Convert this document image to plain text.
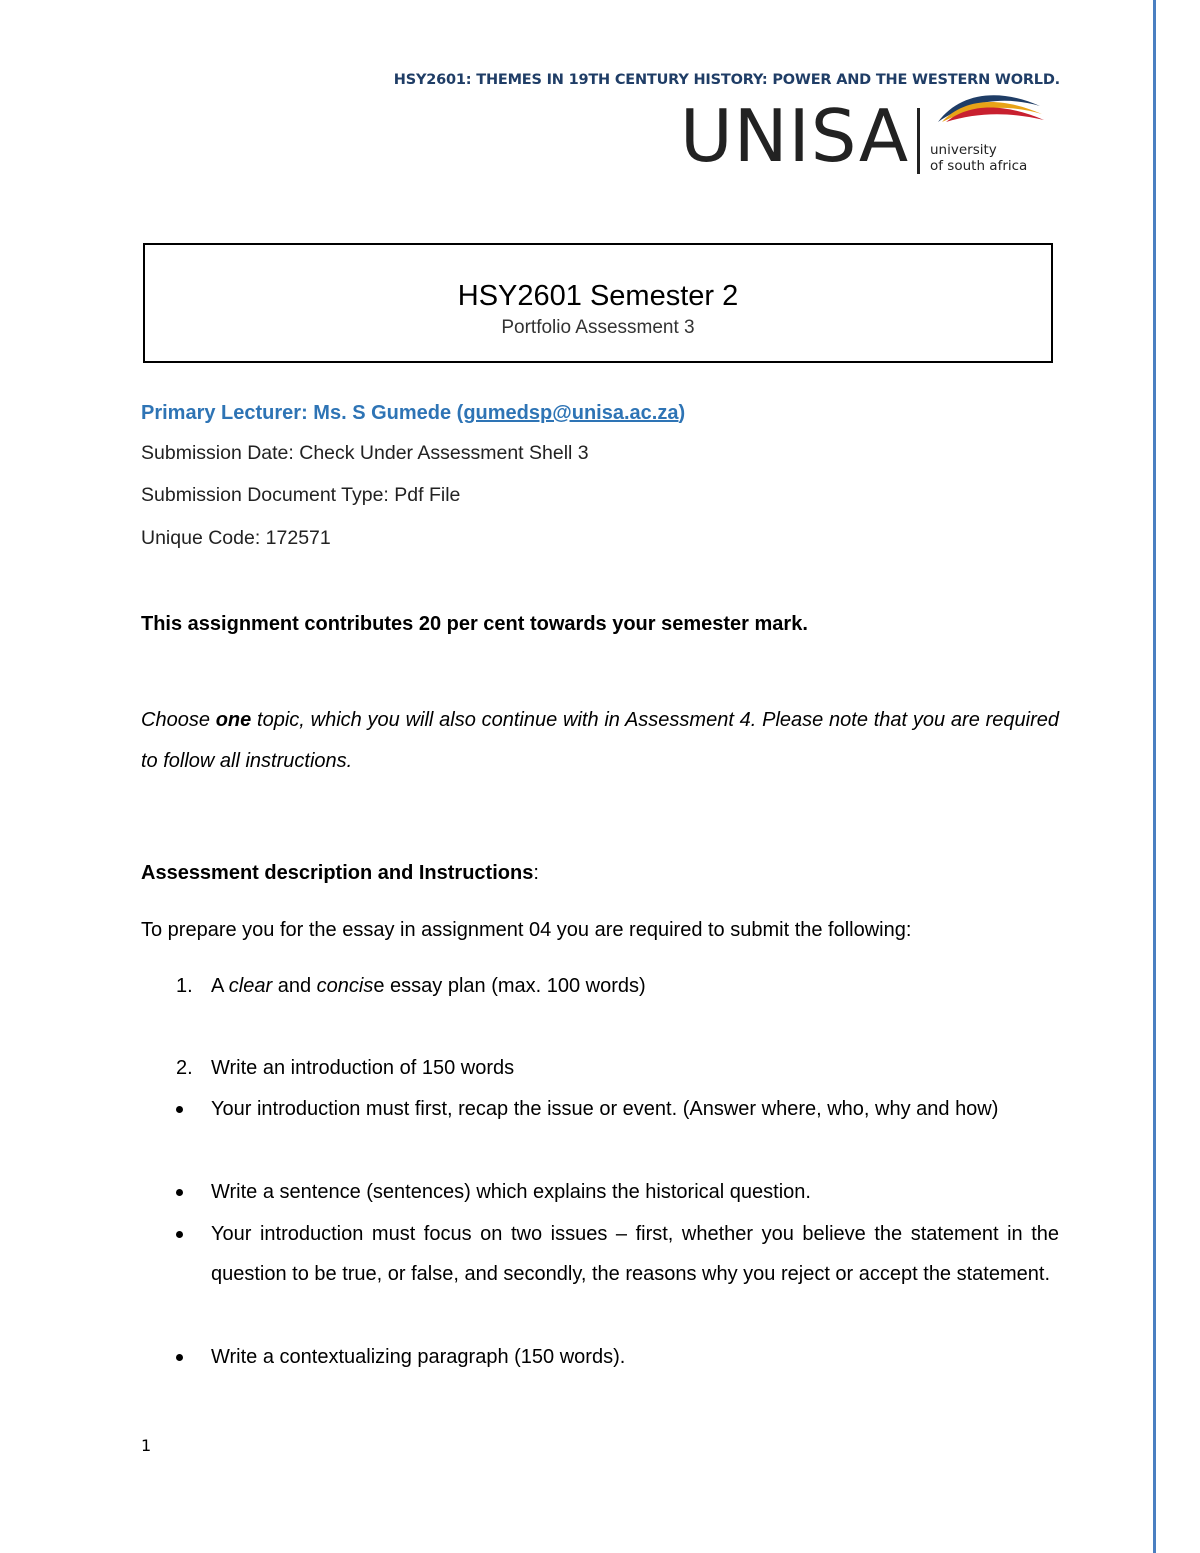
HSY2601: THEMES IN 19TH CENTURY HISTORY: POWER AND THE WESTERN WORLD.
UNISA university
of south africa
HSY2601 Semester 2
Portfolio Assessment 3
Primary Lecturer: Ms. S Gumede (gumedsp@unisa.ac.za)
Submission Date: Check Under Assessment Shell 3
Submission Document Type: Pdf File
Unique Code: 172571
This assignment contributes 20 per cent towards your semester mark.
Choose one topic, which you will also continue with in Assessment 4. Please note that you are required to follow all instructions.
Assessment description and Instructions:
To prepare you for the essay in assignment 04 you are required to submit the following:
1. A clear and concise essay plan (max. 100 words)
2. Write an introduction of 150 words
Your introduction must first, recap the issue or event. (Answer where, who, why and how)
Write a sentence (sentences) which explains the historical question.
Your introduction must focus on two issues – first, whether you believe the statement in the question to be true, or false, and secondly, the reasons why you reject or accept the statement.
Write a contextualizing paragraph (150 words).
1
